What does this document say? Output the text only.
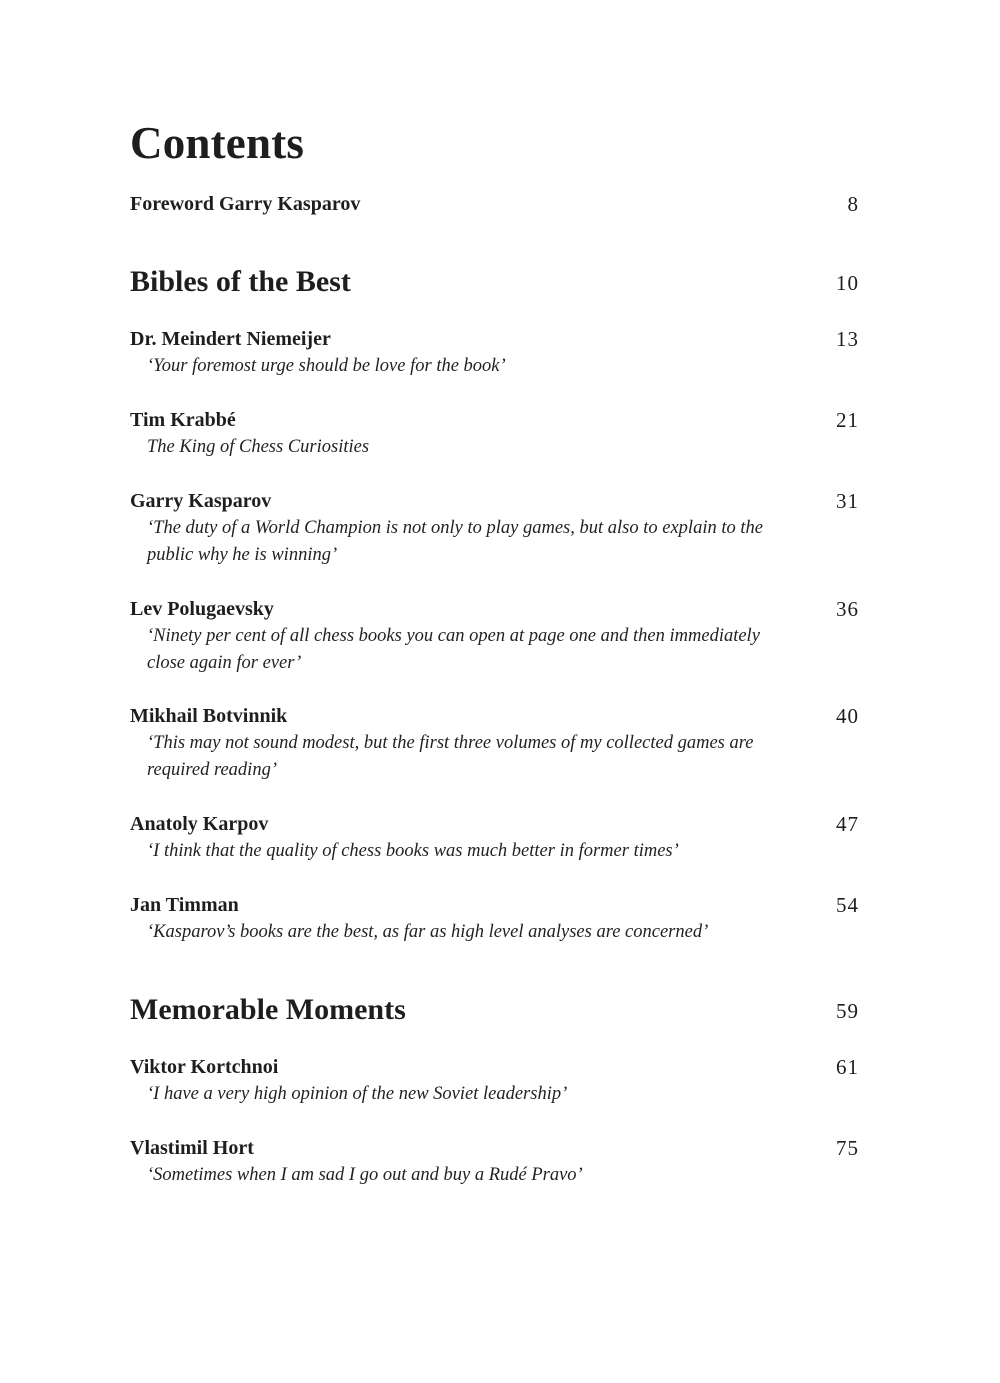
Contents
Foreword Garry Kasparov	8
Bibles of the Best	10
Dr. Meindert Niemeijer	13
‘Your foremost urge should be love for the book’
Tim Krabbé	21
The King of Chess Curiosities
Garry Kasparov	31
‘The duty of a World Champion is not only to play games, but also to explain to the public why he is winning’
Lev Polugaevsky	36
‘Ninety per cent of all chess books you can open at page one and then immediately close again for ever’
Mikhail Botvinnik	40
‘This may not sound modest, but the first three volumes of my collected games are required reading’
Anatoly Karpov	47
‘I think that the quality of chess books was much better in former times’
Jan Timman	54
‘Kasparov’s books are the best, as far as high level analyses are concerned’
Memorable Moments	59
Viktor Kortchnoi	61
‘I have a very high opinion of the new Soviet leadership’
Vlastimil Hort	75
‘Sometimes when I am sad I go out and buy a Rudé Pravo’
